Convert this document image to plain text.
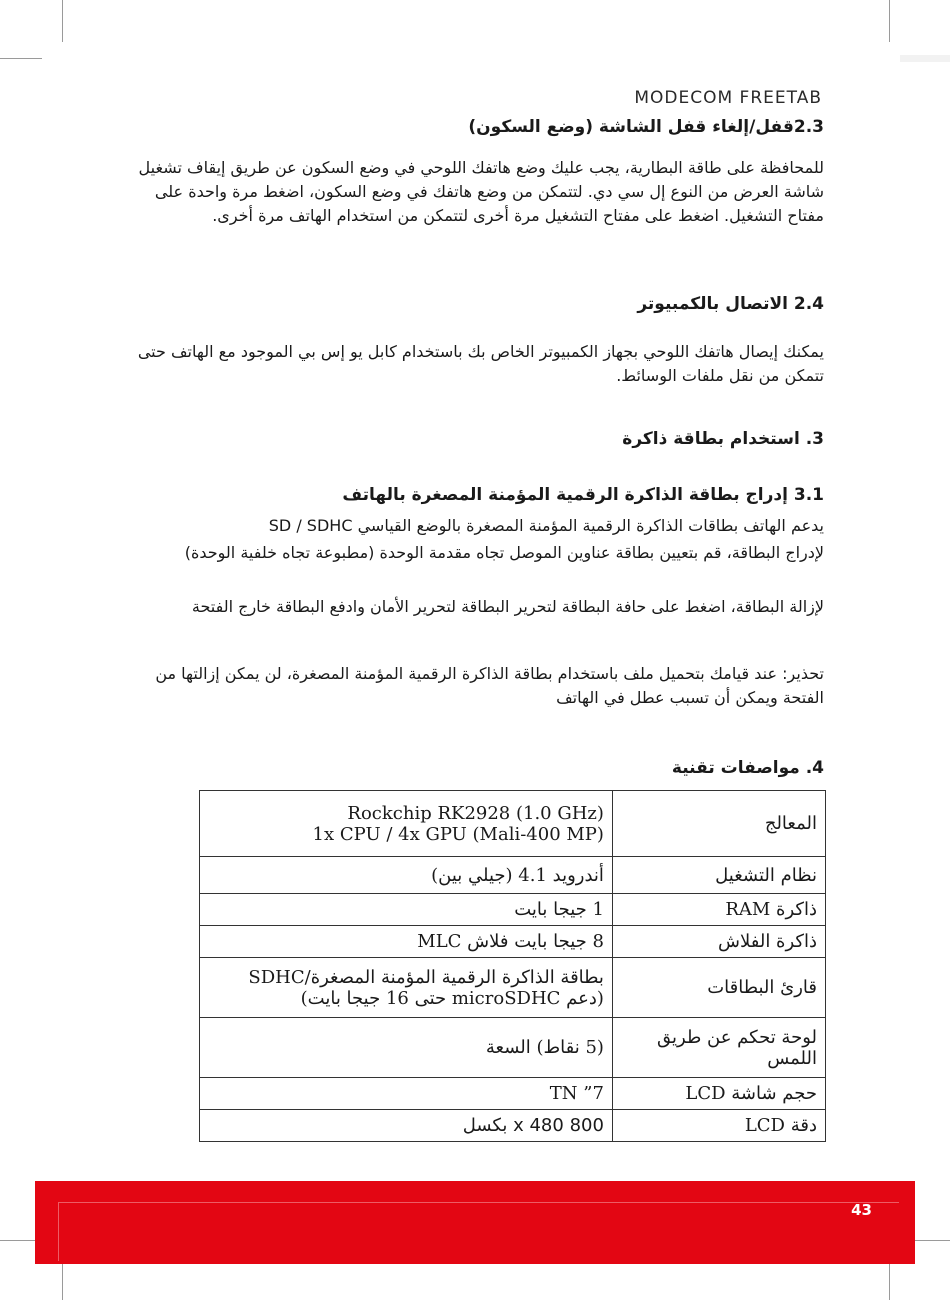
MODECOM FREETAB
2.3قفل/إلغاء قفل الشاشة (وضع السكون)
للمحافظة على طاقة البطارية، يجب عليك وضع هاتفك اللوحي في وضع السكون عن طريق إيقاف تشغيل شاشة العرض من النوع إل سي دي. لتتمكن من وضع هاتفك في وضع السكون، اضغط مرة واحدة على مفتاح التشغيل. اضغط على مفتاح التشغيل مرة أخرى لتتمكن من استخدام الهاتف مرة أخرى.
2.4 الاتصال بالكمبيوتر
يمكنك إيصال هاتفك اللوحي بجهاز الكمبيوتر الخاص بك باستخدام كابل يو إس بي الموجود مع الهاتف حتى تتمكن من نقل ملفات الوسائط.
3. استخدام بطاقة ذاكرة
3.1 إدراج بطاقة الذاكرة الرقمية المؤمنة المصغرة بالهاتف
يدعم الهاتف بطاقات الذاكرة الرقمية المؤمنة المصغرة بالوضع القياسي SD / SDHC
لإدراج البطاقة، قم بتعيين بطاقة عناوين الموصل تجاه مقدمة الوحدة (مطبوعة تجاه خلفية الوحدة)
لإزالة البطاقة، اضغط على حافة البطاقة لتحرير البطاقة لتحرير الأمان وادفع البطاقة خارج الفتحة
تحذير: عند قيامك بتحميل ملف باستخدام بطاقة الذاكرة الرقمية المؤمنة المصغرة، لن يمكن إزالتها من الفتحة ويمكن أن تسبب عطل في الهاتف
4. مواصفات تقنية
المعالج	Rockchip RK2928 (1.0 GHz)
1x CPU / 4x GPU (Mali-400 MP)
نظام التشغيل	أندرويد 4.1 (جيلي بين)
ذاكرة RAM	1 جيجا بايت
ذاكرة الفلاش	8 جيجا بايت فلاش MLC
قارئ البطاقات	بطاقة الذاكرة الرقمية المؤمنة المصغرة/SDHC (دعم microSDHC حتى 16 جيجا بايت)
لوحة تحكم عن طريق اللمس	(5 نقاط) السعة
حجم شاشة LCD	7” TN
دقة LCD	800 x 480 بكسل
43
